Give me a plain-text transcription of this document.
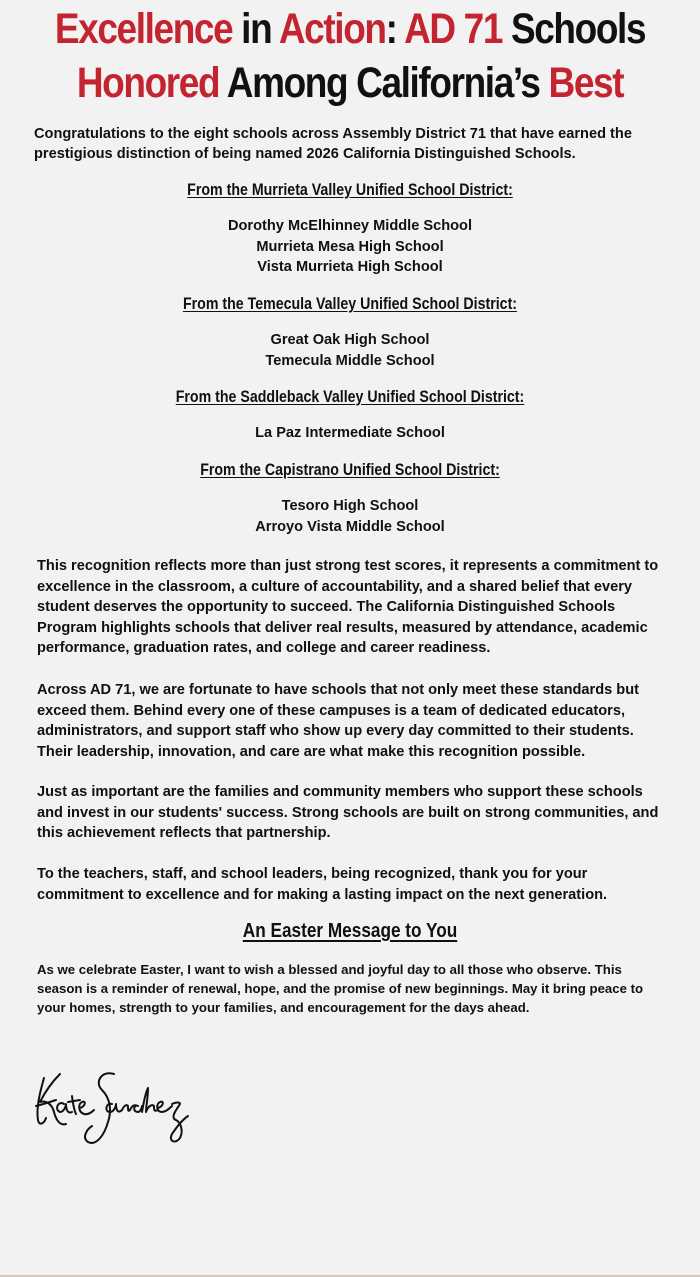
Excellence in Action: AD 71 Schools
Honored Among California’s Best

Congratulations to the eight schools across Assembly District 71 that have earned the prestigious distinction of being named 2026 California Distinguished Schools.

From the Murrieta Valley Unified School District:
Dorothy McElhinney Middle School
Murrieta Mesa High School
Vista Murrieta High School
From the Temecula Valley Unified School District:
Great Oak High School
Temecula Middle School
From the Saddleback Valley Unified School District:
La Paz Intermediate School
From the Capistrano Unified School District:
Tesoro High School
Arroyo Vista Middle School

This recognition reflects more than just strong test scores, it represents a commitment to excellence in the classroom, a culture of accountability, and a shared belief that every student deserves the opportunity to succeed. The California Distinguished Schools Program highlights schools that deliver real results, measured by attendance, academic performance, graduation rates, and college and career readiness.

Across AD 71, we are fortunate to have schools that not only meet these standards but exceed them. Behind every one of these campuses is a team of dedicated educators, administrators, and support staff who show up every day committed to their students. Their leadership, innovation, and care are what make this recognition possible.

Just as important are the families and community members who support these schools and invest in our students' success. Strong schools are built on strong communities, and this achievement reflects that partnership.

To the teachers, staff, and school leaders, being recognized, thank you for your commitment to excellence and for making a lasting impact on the next generation.

An Easter Message to You

As we celebrate Easter, I want to wish a blessed and joyful day to all those who observe. This season is a reminder of renewal, hope, and the promise of new beginnings. May it bring peace to your homes, strength to your families, and encouragement for the days ahead.
